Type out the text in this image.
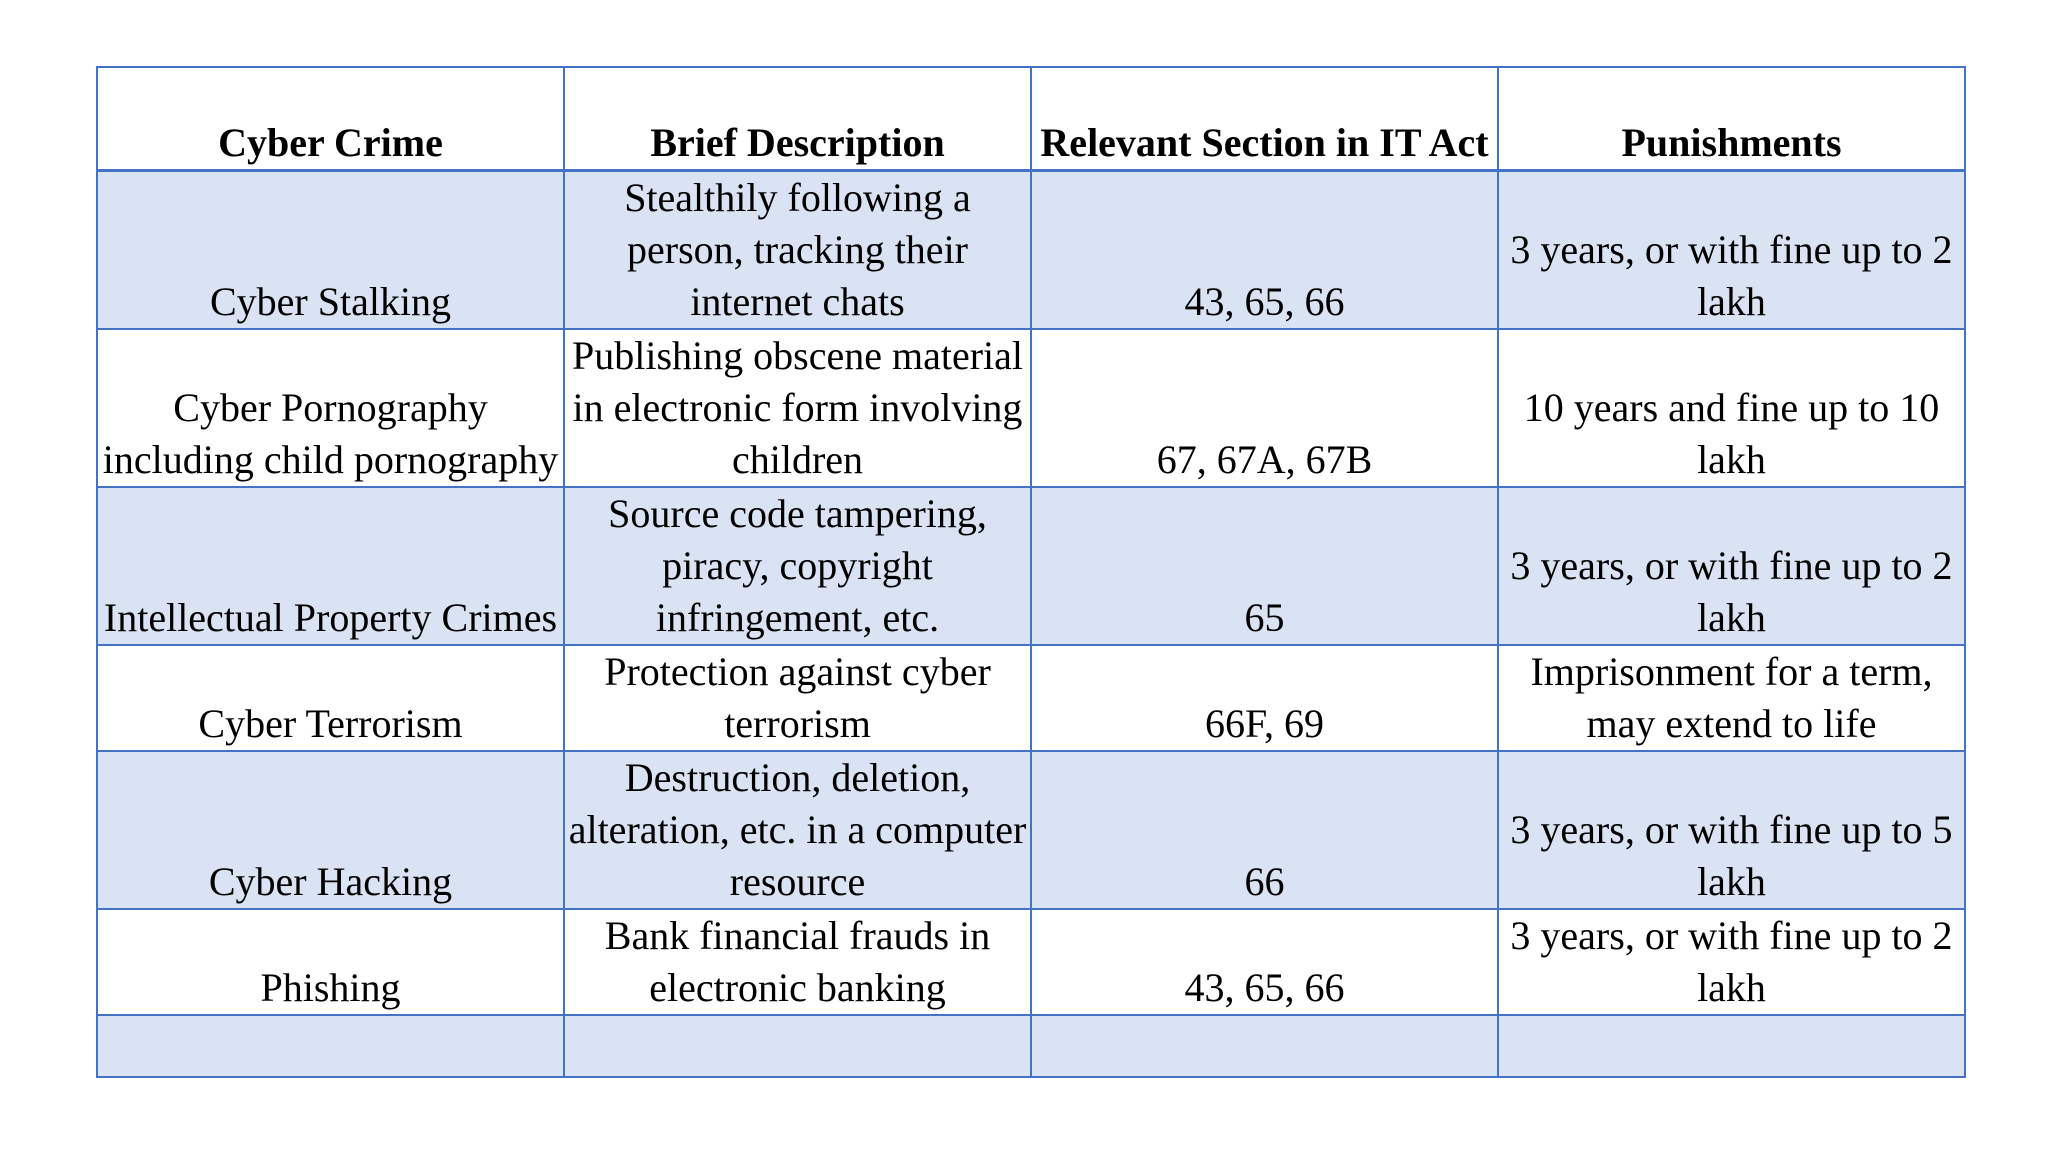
Cyber Crime	Brief Description	Relevant Section in IT Act	Punishments
Cyber Stalking	Stealthily following a person, tracking their internet chats	43, 65, 66	3 years, or with fine up to 2 lakh
Cyber Pornography including child pornography	Publishing obscene material in electronic form involving children	67, 67A, 67B	10 years and fine up to 10 lakh
Intellectual Property Crimes	Source code tampering, piracy, copyright infringement, etc.	65	3 years, or with fine up to 2 lakh
Cyber Terrorism	Protection against cyber terrorism	66F, 69	Imprisonment for a term, may extend to life
Cyber Hacking	Destruction, deletion, alteration, etc. in a computer resource	66	3 years, or with fine up to 5 lakh
Phishing	Bank financial frauds in electronic banking	43, 65, 66	3 years, or with fine up to 2 lakh
